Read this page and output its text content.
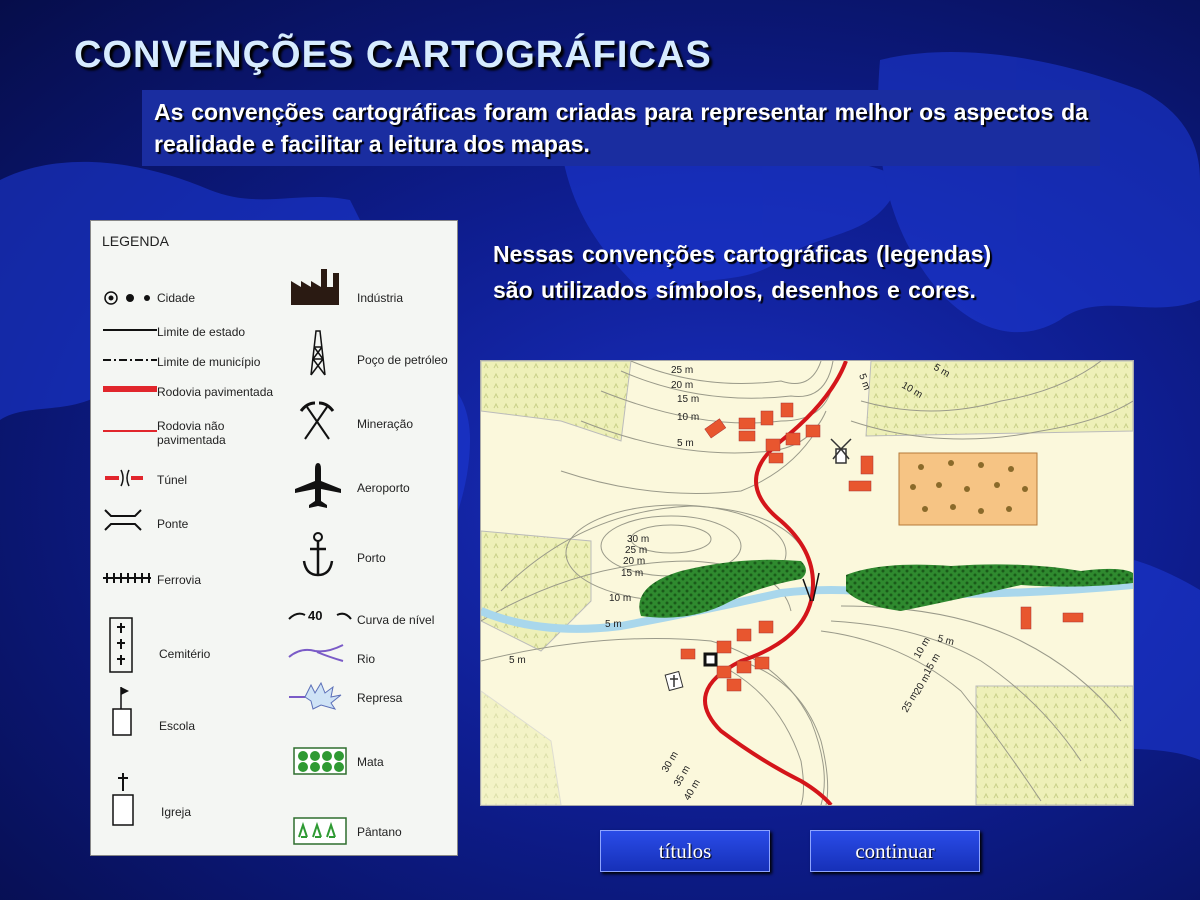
CONVENÇÕES CARTOGRÁFICAS
As convenções cartográficas foram criadas para representar melhor os aspectos da realidade e facilitar a leitura dos mapas.
LEGENDA
Cidade
Limite de estado
Limite de município
Rodovia pavimentada
Rodovia não pavimentada
Túnel
Ponte
Ferrovia
Cemitério
Escola
Igreja
Indústria
Poço de petróleo
Mineração
Aeroporto
Porto
40	Curva de nível
Rio
Represa
Mata
Pântano
Nessas convenções cartográficas (legendas) são utilizados símbolos, desenhos e cores.
25 m
20 m
15 m
10 m
5 m
30 m
25 m
20 m
15 m
10 m
5 m
5 m
5 m
5 m
10 m
5 m
10 m
15 m
20 m
25 m
30 m
35 m
40 m
títulos	continuar
